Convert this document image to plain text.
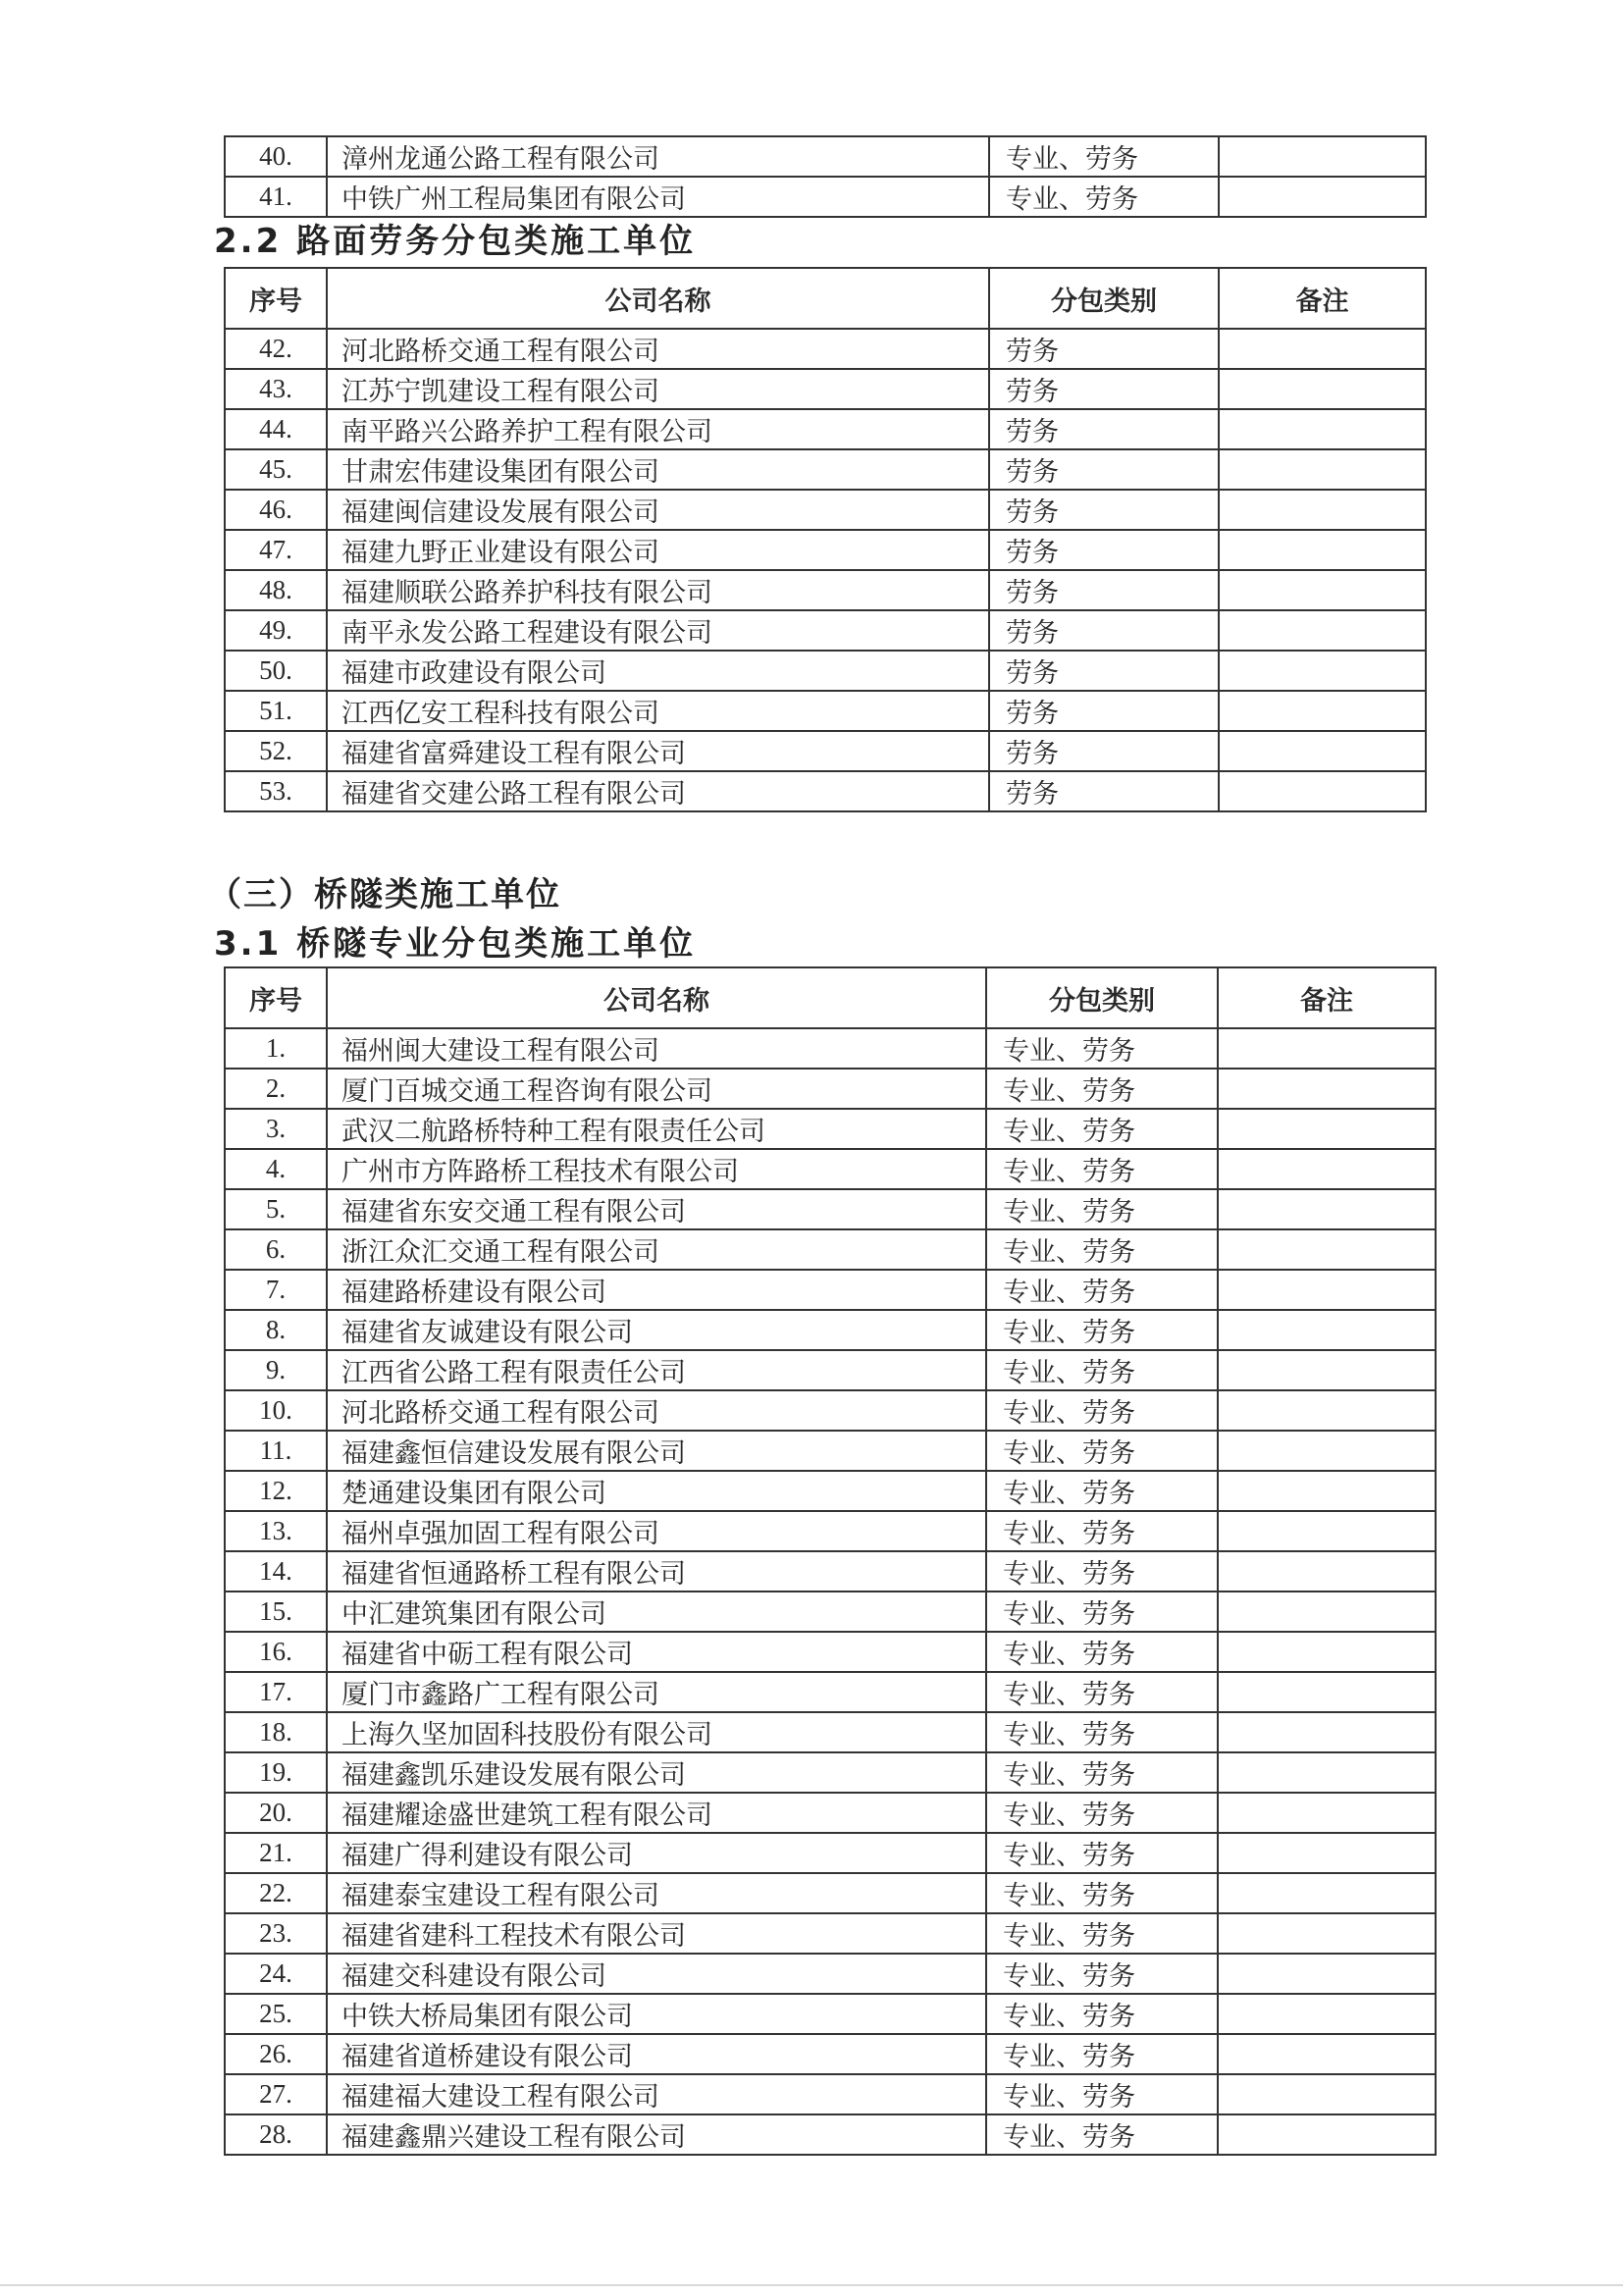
40.	漳州龙通公路工程有限公司	专业、劳务	
41.	中铁广州工程局集团有限公司	专业、劳务	
2.2 路面劳务分包类施工单位
序号	公司名称	分包类别	备注
42.	河北路桥交通工程有限公司	劳务	
43.	江苏宁凯建设工程有限公司	劳务	
44.	南平路兴公路养护工程有限公司	劳务	
45.	甘肃宏伟建设集团有限公司	劳务	
46.	福建闽信建设发展有限公司	劳务	
47.	福建九野正业建设有限公司	劳务	
48.	福建顺联公路养护科技有限公司	劳务	
49.	南平永发公路工程建设有限公司	劳务	
50.	福建市政建设有限公司	劳务	
51.	江西亿安工程科技有限公司	劳务	
52.	福建省富舜建设工程有限公司	劳务	
53.	福建省交建公路工程有限公司	劳务	
（三）桥隧类施工单位
3.1 桥隧专业分包类施工单位
序号	公司名称	分包类别	备注
1.	福州闽大建设工程有限公司	专业、劳务	
2.	厦门百城交通工程咨询有限公司	专业、劳务	
3.	武汉二航路桥特种工程有限责任公司	专业、劳务	
4.	广州市方阵路桥工程技术有限公司	专业、劳务	
5.	福建省东安交通工程有限公司	专业、劳务	
6.	浙江众汇交通工程有限公司	专业、劳务	
7.	福建路桥建设有限公司	专业、劳务	
8.	福建省友诚建设有限公司	专业、劳务	
9.	江西省公路工程有限责任公司	专业、劳务	
10.	河北路桥交通工程有限公司	专业、劳务	
11.	福建鑫恒信建设发展有限公司	专业、劳务	
12.	楚通建设集团有限公司	专业、劳务	
13.	福州卓强加固工程有限公司	专业、劳务	
14.	福建省恒通路桥工程有限公司	专业、劳务	
15.	中汇建筑集团有限公司	专业、劳务	
16.	福建省中砺工程有限公司	专业、劳务	
17.	厦门市鑫路广工程有限公司	专业、劳务	
18.	上海久坚加固科技股份有限公司	专业、劳务	
19.	福建鑫凯乐建设发展有限公司	专业、劳务	
20.	福建耀途盛世建筑工程有限公司	专业、劳务	
21.	福建广得利建设有限公司	专业、劳务	
22.	福建泰宝建设工程有限公司	专业、劳务	
23.	福建省建科工程技术有限公司	专业、劳务	
24.	福建交科建设有限公司	专业、劳务	
25.	中铁大桥局集团有限公司	专业、劳务	
26.	福建省道桥建设有限公司	专业、劳务	
27.	福建福大建设工程有限公司	专业、劳务	
28.	福建鑫鼎兴建设工程有限公司	专业、劳务	
